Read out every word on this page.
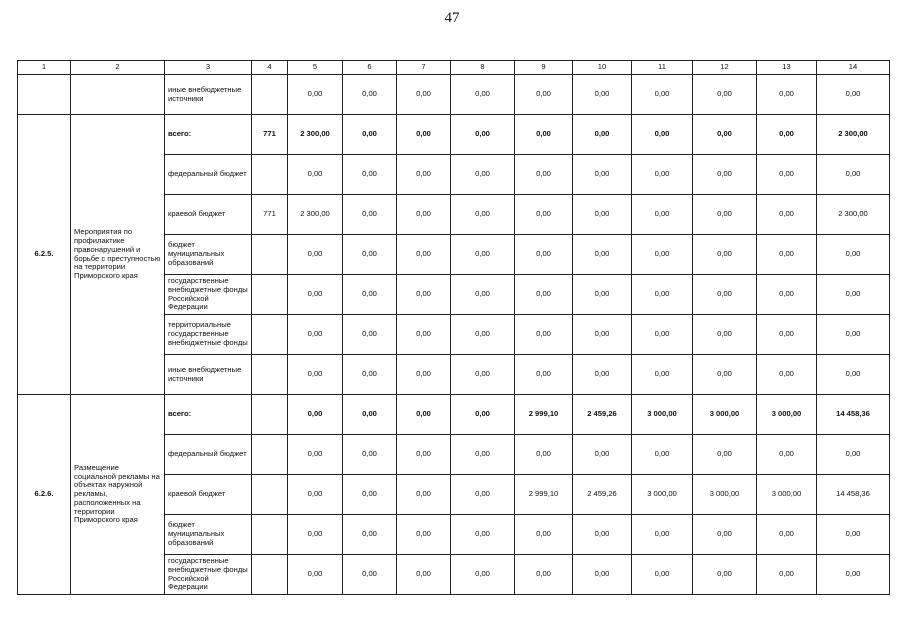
47
1	2	3	4	5	6	7	8	9	10	11	12	13	14
		иные внебюджетные источники		0,00	0,00	0,00	0,00	0,00	0,00	0,00	0,00	0,00	0,00
6.2.5.	Мероприятия по профилактике правонарушений и борьбе с преступностью на территории Приморского края	всего:	771	2 300,00	0,00	0,00	0,00	0,00	0,00	0,00	0,00	0,00	2 300,00
		федеральный бюджет		0,00	0,00	0,00	0,00	0,00	0,00	0,00	0,00	0,00	0,00
		краевой бюджет	771	2 300,00	0,00	0,00	0,00	0,00	0,00	0,00	0,00	0,00	2 300,00
		бюджет муниципальных образований		0,00	0,00	0,00	0,00	0,00	0,00	0,00	0,00	0,00	0,00
		государственные внебюджетные фонды Российской Федерации		0,00	0,00	0,00	0,00	0,00	0,00	0,00	0,00	0,00	0,00
		территориальные государственные внебюджетные фонды		0,00	0,00	0,00	0,00	0,00	0,00	0,00	0,00	0,00	0,00
		иные внебюджетные источники		0,00	0,00	0,00	0,00	0,00	0,00	0,00	0,00	0,00	0,00
6.2.6.	Размещение социальной рекламы на объектах наружной рекламы, расположенных на территории Приморского края	всего:		0,00	0,00	0,00	0,00	2 999,10	2 459,26	3 000,00	3 000,00	3 000,00	14 458,36
		федеральный бюджет		0,00	0,00	0,00	0,00	0,00	0,00	0,00	0,00	0,00	0,00
		краевой бюджет		0,00	0,00	0,00	0,00	2 999,10	2 459,26	3 000,00	3 000,00	3 000,00	14 458,36
		бюджет муниципальных образований		0,00	0,00	0,00	0,00	0,00	0,00	0,00	0,00	0,00	0,00
		государственные внебюджетные фонды Российской Федерации		0,00	0,00	0,00	0,00	0,00	0,00	0,00	0,00	0,00	0,00
